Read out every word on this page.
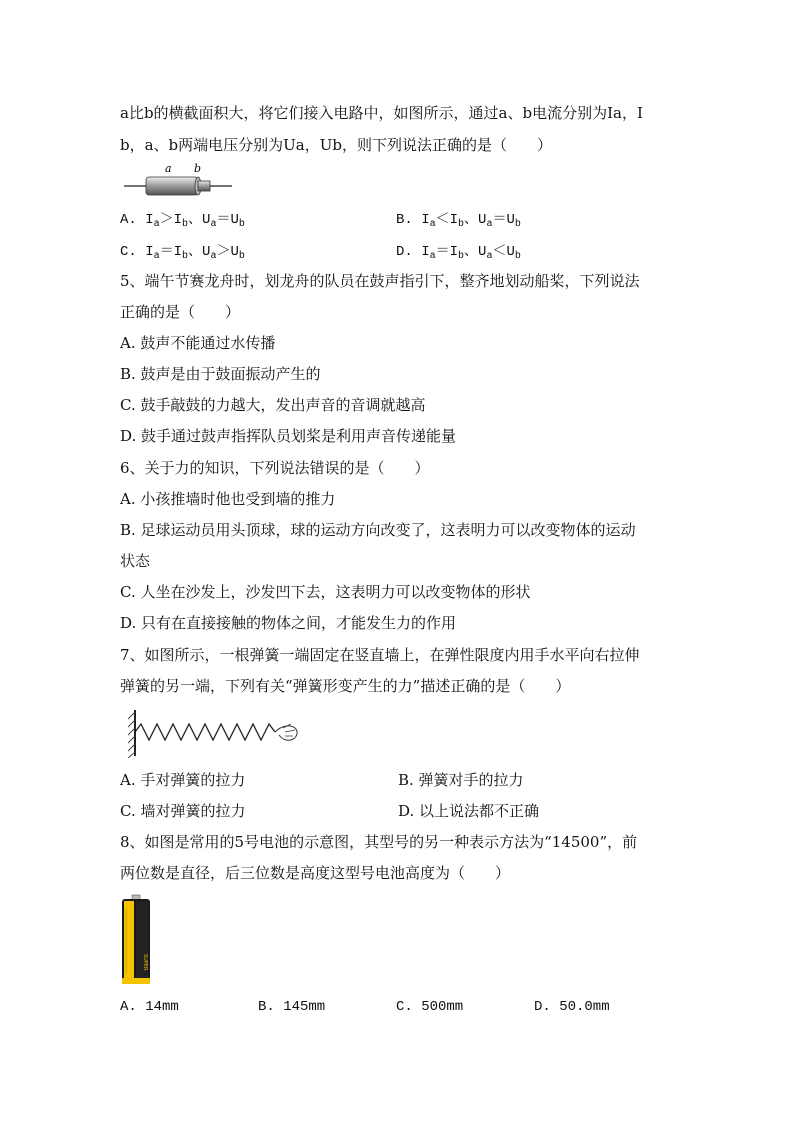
a比b的横截面积大，将它们接入电路中，如图所示，通过a、b电流分别为Ia，I
b，a、b两端电压分别为Ua，Ub，则下列说法正确的是（　　）
a b
A. $I_a>I_b$、$U_a=U_b$	B. $I_a<I_b$、$U_a=U_b$
C. $I_a=I_b$、$U_a>U_b$	D. $I_a=I_b$、$U_a<U_b$
5、端午节赛龙舟时，划龙舟的队员在鼓声指引下，整齐地划动船桨，下列说法
正确的是（　　）
A. 鼓声不能通过水传播
B. 鼓声是由于鼓面振动产生的
C. 鼓手敲鼓的力越大，发出声音的音调就越高
D. 鼓手通过鼓声指挥队员划桨是利用声音传递能量
6、关于力的知识，下列说法错误的是（　　）
A. 小孩推墙时他也受到墙的推力
B. 足球运动员用头顶球，球的运动方向改变了，这表明力可以改变物体的运动
状态
C. 人坐在沙发上，沙发凹下去，这表明力可以改变物体的形状
D. 只有在直接接触的物体之间，才能发生力的作用
7、如图所示，一根弹簧一端固定在竖直墙上，在弹性限度内用手水平向右拉伸
弹簧的另一端，下列有关“弹簧形变产生的力”描述正确的是（　　）
A. 手对弹簧的拉力	B. 弹簧对手的拉力
C. 墙对弹簧的拉力	D. 以上说法都不正确
8、如图是常用的5号电池的示意图，其型号的另一种表示方法为“14500”，前
两位数是直径，后三位数是高度这型号电池高度为（　　）
SUPER
A. 14mm	B. 145mm	C. 500mm	D. 50.0mm
